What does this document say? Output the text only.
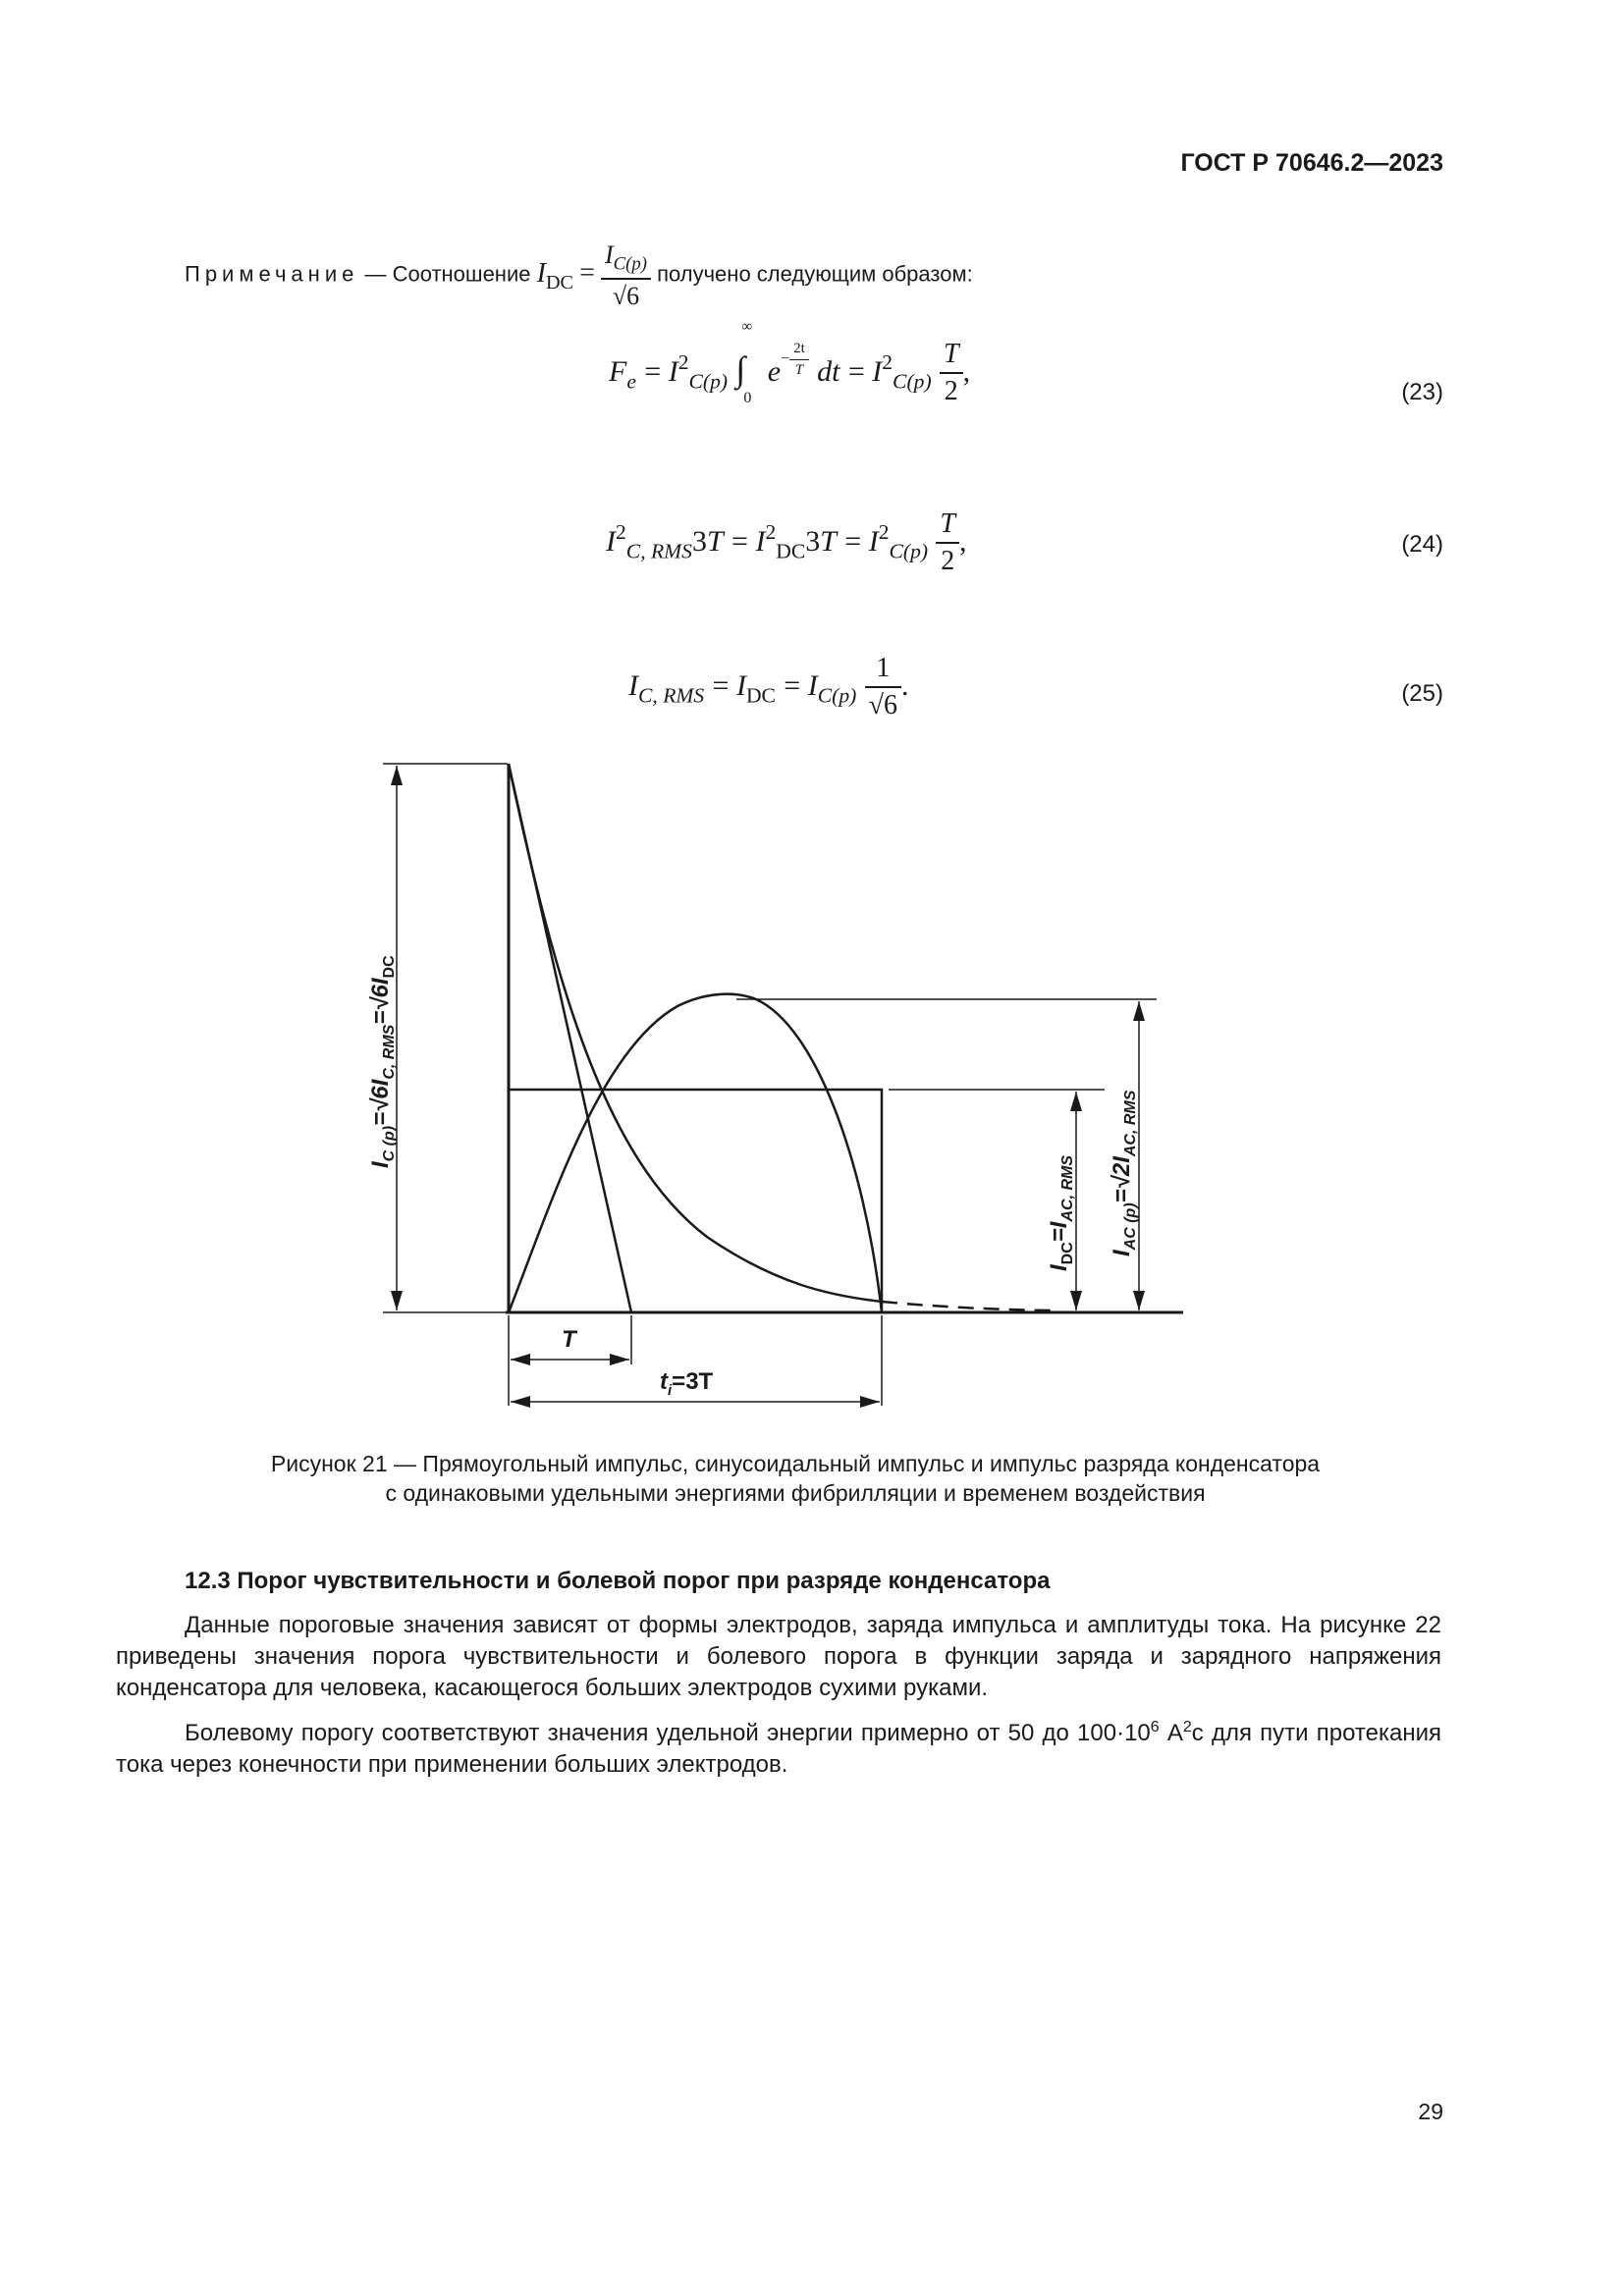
ГОСТ Р 70646.2—2023
Примечание — Соотношение $I_{DC} = \frac{I_{C(p)}}{√6}$ получено следующим образом:
$F_e = I^2_{C(p)}$
∞
∫
0
$e- \frac{2t}{T}$ dt = $I^2_{C(p)} \frac{T}{2}$ ,
(23)
$I^2_{C, RMS}3T = I^2_{DC}3T = I^2_{C(p)} \frac{T}{2}$ ,	(24)
$I_{C, RMS} = I_{DC} = I_{C(p)} \frac{1}{√6}$ .	(25)
$I_{C (p)}=√6I_{C, RMS}=√6I_{DC}$
$I_{DC}=I_{AC, RMS}$
$I_{AC (p)}=√2I_{AC, RMS}$
T
$t_i=3T$
Рисунок 21 — Прямоугольный импульс, синусоидальный импульс и импульс разряда конденсатора
с одинаковыми удельными энергиями фибрилляции и временем воздействия
12.3 Порог чувствительности и болевой порог при разряде конденсатора
Данные пороговые значения зависят от формы электродов, заряда импульса и амплитуды тока. На рисунке 22 приведены значения порога чувствительности и болевого порога в функции заряда и зарядного напряжения конденсатора для человека, касающегося больших электродов сухими руками.
Болевому порогу соответствуют значения удельной энергии примерно от 50 до $100\cdot 10^6$ $А^2с$ для пути протекания тока через конечности при применении больших электродов.
29
